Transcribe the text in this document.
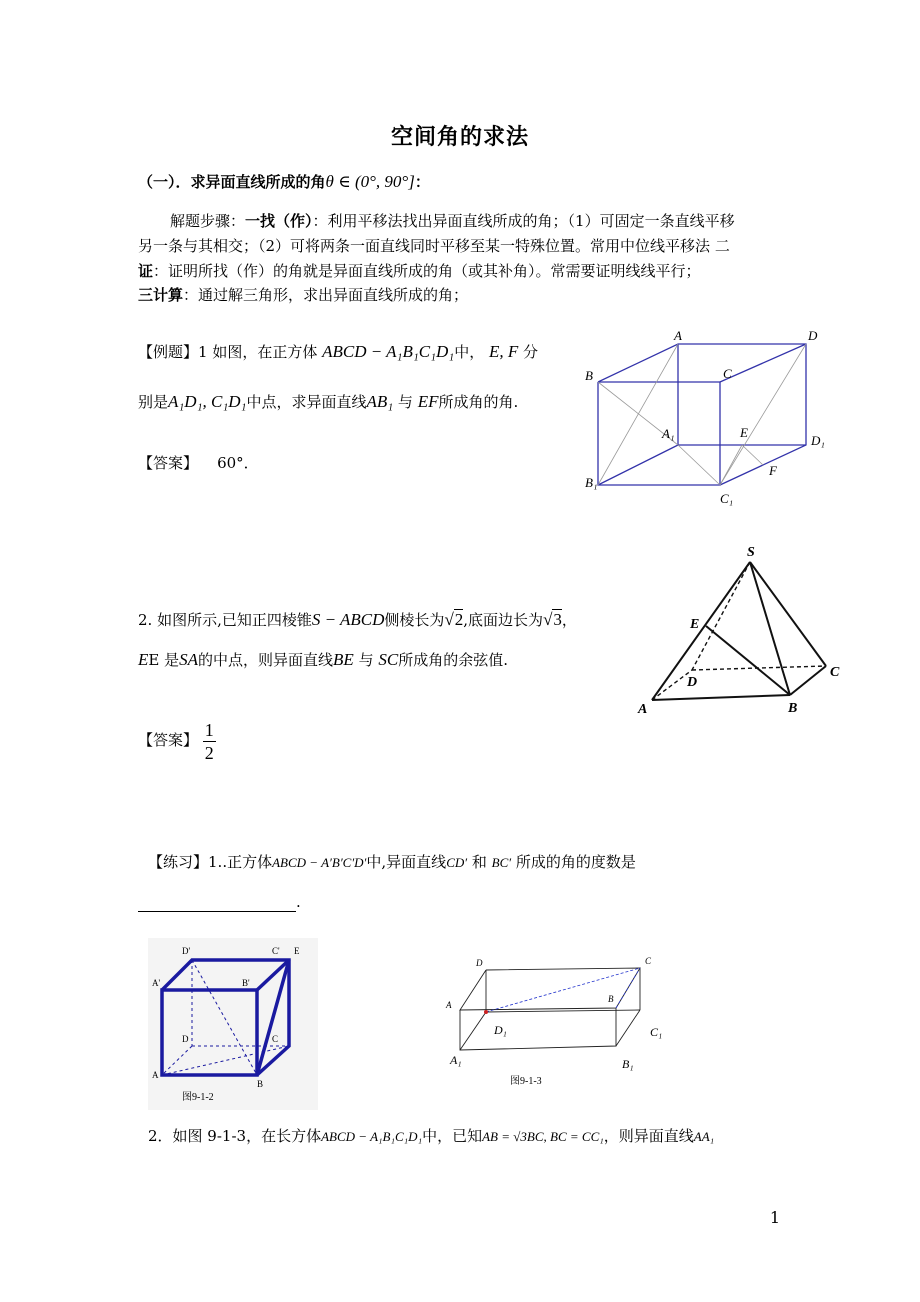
空间角的求法
（一）．求异面直线所成的角θ ∈ (0°, 90°]：
解题步骤：一找（作）：利用平移法找出异面直线所成的角；（1）可固定一条直线平移
另一条与其相交；（2）可将两条一面直线同时平移至某一特殊位置。常用中位线平移法 二
证：证明所找（作）的角就是异面直线所成的角（或其补角）。常需要证明线线平行；
三计算：通过解三角形，求出异面直线所成的角；
【例题】1 如图，在正方体 ABCD − A₁B₁C₁D₁中， E, F 分
别是A₁D₁, C₁D₁中点，求异面直线AB₁ 与 EF所成角的角.
【答案】 60°．
A	D
B	C
A₁	E
D₁
F
B₁
C₁
2. 如图所示,已知正四棱锥S − ABCD侧棱长为√2,底面边长为√3，
EE 是SA的中点，则异面直线BE 与 SC所成角的余弦值.
【答案】 $\frac{1}{2}$
S
E
C
D
A	B
【练习】1..正方体ABCD − A′B′C′D′中,异面直线CD′ 和 BC′ 所成的角的度数是
.
D'	C' E
A'	B'
D	C
A
B
图9-1-2
D	C
A
B
D₁	C₁
A₁	B₁
图9-1-3
2．如图 9-1-3，在长方体ABCD − A₁B₁C₁D₁中，已知AB = √3BC, BC = CC₁，则异面直线AA₁
1
